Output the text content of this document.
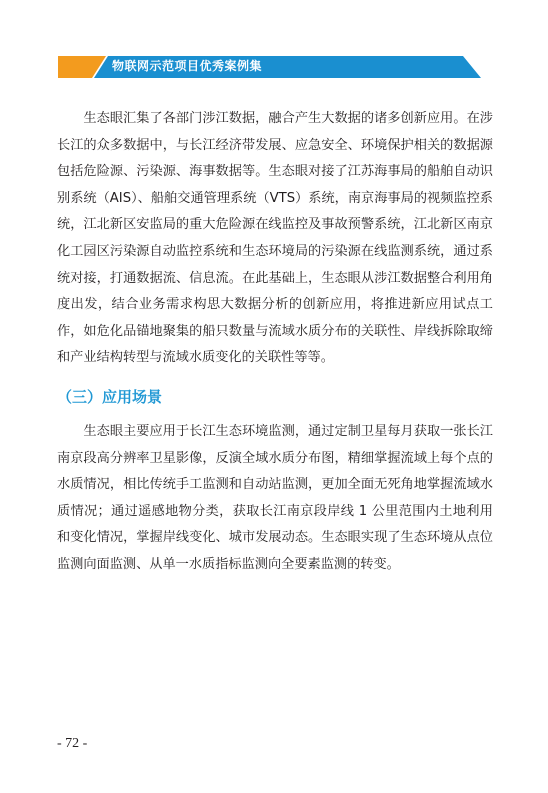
物联网示范项目优秀案例集
生态眼汇集了各部门涉江数据，融合产生大数据的诸多创新应用。在涉长江的众多数据中，与长江经济带发展、应急安全、环境保护相关的数据源包括危险源、污染源、海事数据等。生态眼对接了江苏海事局的船舶自动识别系统（AIS）、船舶交通管理系统（VTS）系统，南京海事局的视频监控系统，江北新区安监局的重大危险源在线监控及事故预警系统，江北新区南京化工园区污染源自动监控系统和生态环境局的污染源在线监测系统，通过系统对接，打通数据流、信息流。在此基础上，生态眼从涉江数据整合利用角度出发，结合业务需求构思大数据分析的创新应用，将推进新应用试点工作，如危化品锚地聚集的船只数量与流域水质分布的关联性、岸线拆除取缔和产业结构转型与流域水质变化的关联性等等。
（三）应用场景
生态眼主要应用于长江生态环境监测，通过定制卫星每月获取一张长江南京段高分辨率卫星影像，反演全域水质分布图，精细掌握流域上每个点的水质情况，相比传统手工监测和自动站监测，更加全面无死角地掌握流域水质情况；通过遥感地物分类，获取长江南京段岸线 1 公里范围内土地利用和变化情况，掌握岸线变化、城市发展动态。生态眼实现了生态环境从点位监测向面监测、从单一水质指标监测向全要素监测的转变。
- 72 -
